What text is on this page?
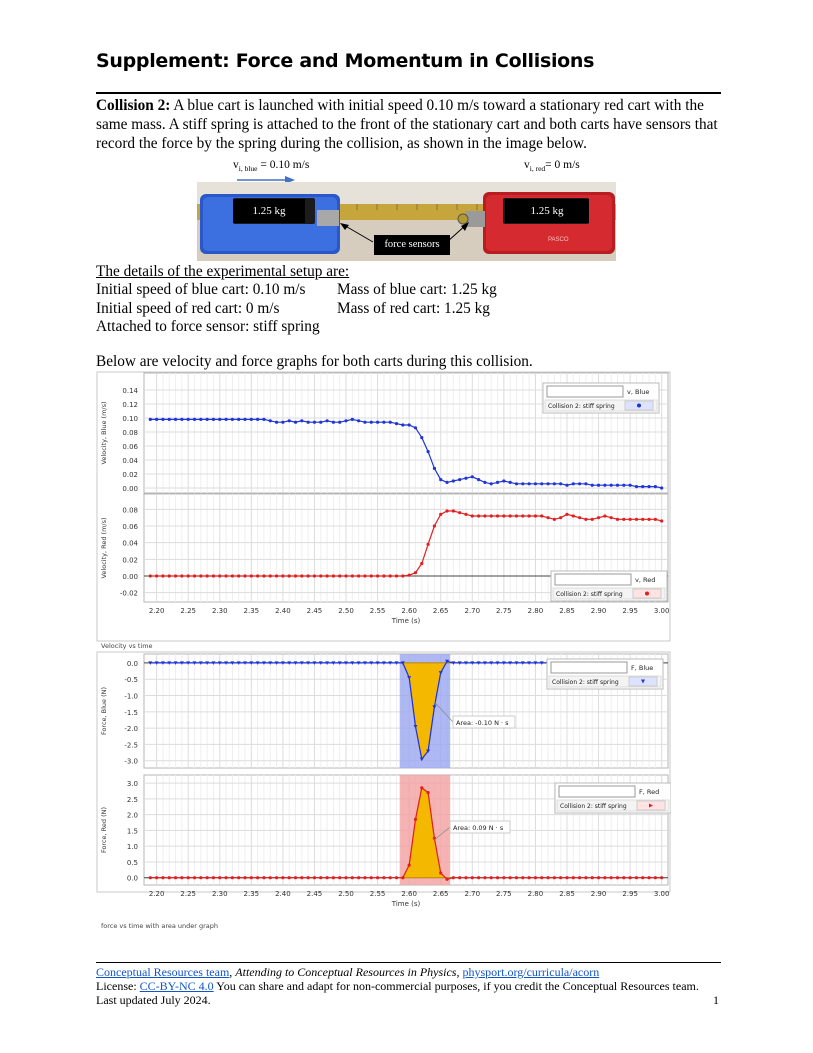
Supplement: Force and Momentum in Collisions
Collision 2: A blue cart is launched with initial speed 0.10 m/s toward a stationary red cart with the same mass. A stiff spring is attached to the front of the stationary cart and both carts have sensors that record the force by the spring during the collision, as shown in the image below.
$v_{i, blue} = 0.10$ m/s	$v_{i, red}= 0$ m/s
1.25 kg	1.25 kg
force sensors	PASCO
The details of the experimental setup are:
Initial speed of blue cart: 0.10 m/s Mass of blue cart: 1.25 kg
Initial speed of red cart: 0 m/s	Mass of red cart: 1.25 kg
Attached to force sensor: stiff spring
Below are velocity and force graphs for both carts during this collision.
0.14
0.12
0.10
0.08
0.06
0.04
0.02
0.00
Velocity, Blue (m/s)
v, Blue
Collision 2: stiff spring
0.08
0.06
0.04
0.02
0.00
-0.02
Velocity, Red (m/s)
2.20 2.25 2.30 2.35 2.40 2.45 2.50 2.55 2.60 2.65 2.70 2.75 2.80 2.85 2.90 2.95 3.00
Time (s)
v, Red
Collision 2: stiff spring
Velocity vs time
0.0
-0.5
-1.0
-1.5
-2.0
-2.5
-3.0
Force, Blue (N)
F, Blue
Collision 2: stiff spring
Area: -0.10 N · s
3.0
2.5
2.0
1.5
1.0
0.5
0.0
Force, Red (N)
2.20 2.25 2.30 2.35 2.40 2.45 2.50 2.55 2.60 2.65 2.70 2.75 2.80 2.85 2.90 2.95 3.00
Time (s)
F, Red
Collision 2: stiff spring
Area: 0.09 N · s
force vs time with area under graph
Conceptual Resources team, Attending to Conceptual Resources in Physics, physport.org/curricula/acorn
License: CC-BY-NC 4.0 You can share and adapt for non-commercial purposes, if you credit the Conceptual Resources team.
Last updated July 2024.	1
